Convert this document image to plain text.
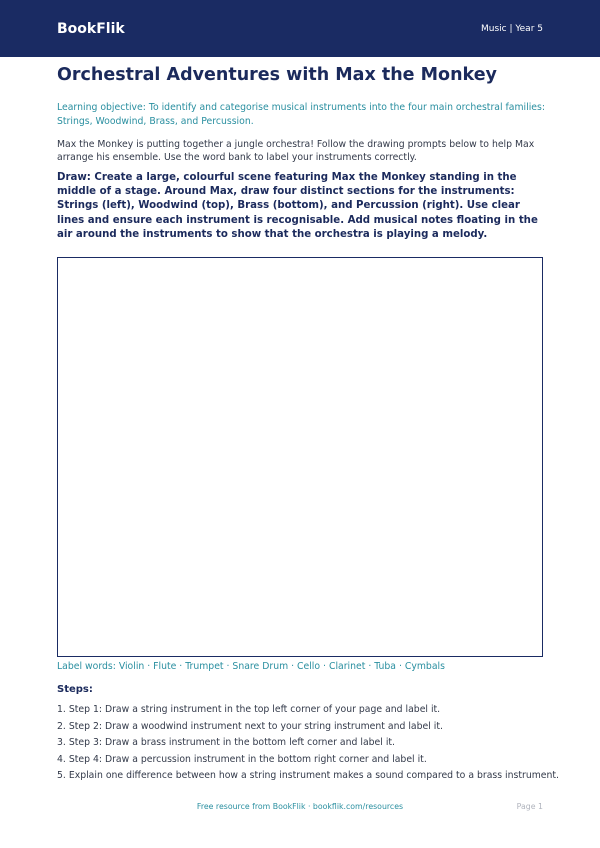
BookFlik	Music | Year 5
Orchestral Adventures with Max the Monkey
Learning objective: To identify and categorise musical instruments into the four main orchestral families: Strings, Woodwind, Brass, and Percussion.
Max the Monkey is putting together a jungle orchestra! Follow the drawing prompts below to help Max arrange his ensemble. Use the word bank to label your instruments correctly.
Draw: Create a large, colourful scene featuring Max the Monkey standing in the middle of a stage. Around Max, draw four distinct sections for the instruments: Strings (left), Woodwind (top), Brass (bottom), and Percussion (right). Use clear lines and ensure each instrument is recognisable. Add musical notes floating in the air around the instruments to show that the orchestra is playing a melody.
Label words: Violin · Flute · Trumpet · Snare Drum · Cello · Clarinet · Tuba · Cymbals
Steps:
1. Step 1: Draw a string instrument in the top left corner of your page and label it.
2. Step 2: Draw a woodwind instrument next to your string instrument and label it.
3. Step 3: Draw a brass instrument in the bottom left corner and label it.
4. Step 4: Draw a percussion instrument in the bottom right corner and label it.
5. Explain one difference between how a string instrument makes a sound compared to a brass instrument.
Free resource from BookFlik · bookflik.com/resources	Page 1
